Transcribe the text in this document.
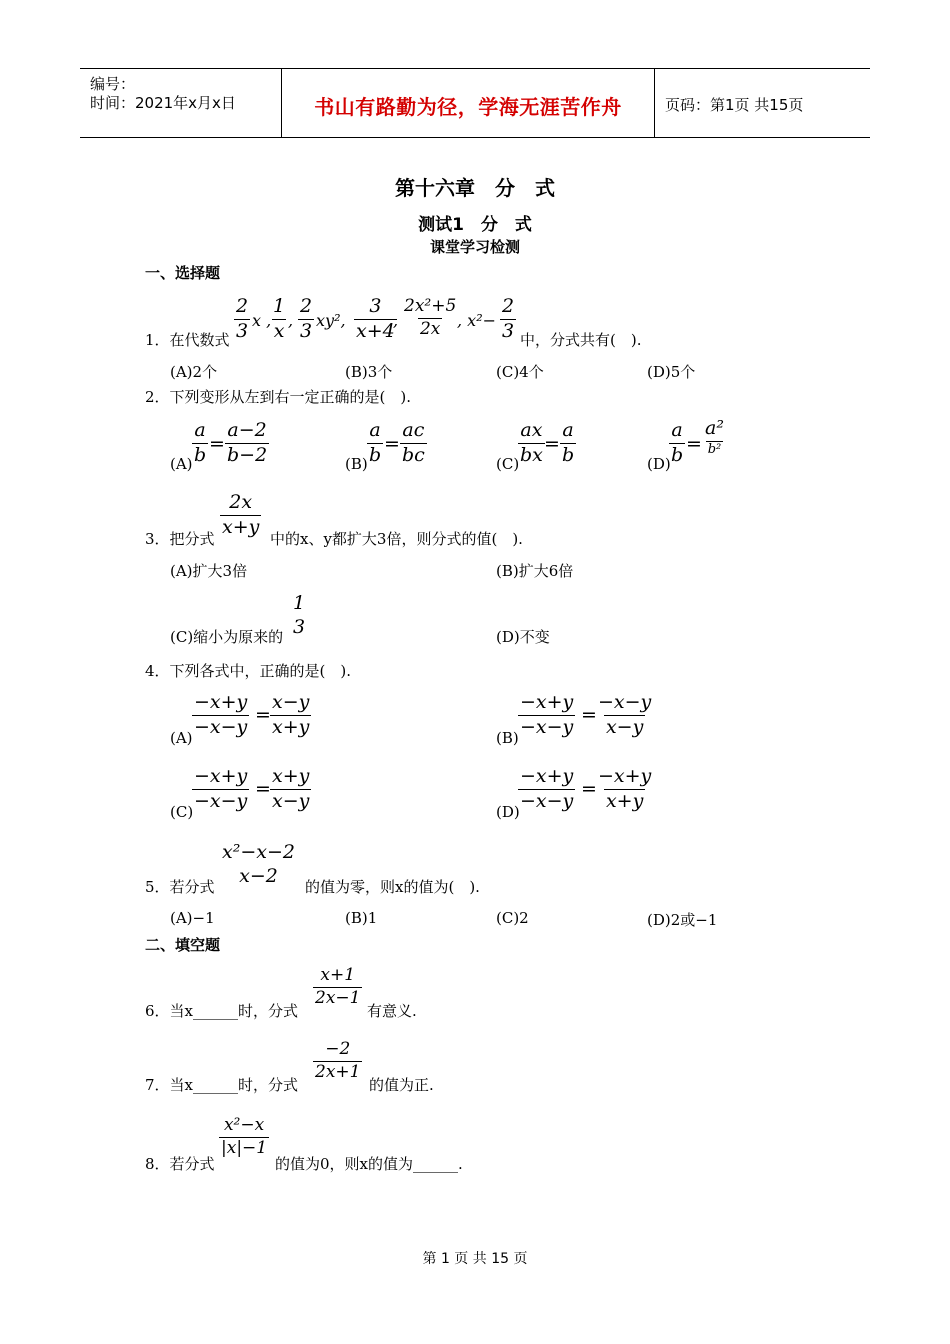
编号：
时间：2021年x月x日	书山有路勤为径，学海无涯苦作舟	页码：第1页 共15页
第十六章　分　式
测试1　分　式
课堂学习检测
一、选择题
1．在代数式
2
3 x ,
1
x ,
2
3 xy²,
3
x+4
,
2x²+5
2x , x²−
2
3 中，分式共有(　).
(A)2个	(B)3个	(C)4个	(D)5个
2．下列变形从左到右一定正确的是(　).
(A)
a
b =
a−2
b−2	(B)
a
b =
ac
bc	(C)
ax
bx =
a
b	(D)
a
b =
a²
b²
3．把分式
2x
x+y
中的x、y都扩大3倍，则分式的值(　).
(A)扩大3倍	(B)扩大6倍
(C)缩小为原来的
1
3	(D)不变
4．下列各式中，正确的是(　).
(A)
−x+y
−x−y
=
x−y
x+y
(B)
−x+y
−x−y
=
−x−y
x−y
(C)
−x+y
−x−y
=
x+y
x−y
(D)
−x+y
−x−y
=
−x+y
x+y
5．若分式
x²−x−2
x−2
的值为零，则x的值为(　).
(A)−1	(B)1	(C)2	(D)2或−1
二、填空题
6．当x______时，分式
x+1
2x−1
有意义.
7．当x______时，分式
−2
2x+1
的值为正.
8．若分式
x²−x
|x|−1
的值为0，则x的值为______.
第 1 页 共 15 页
